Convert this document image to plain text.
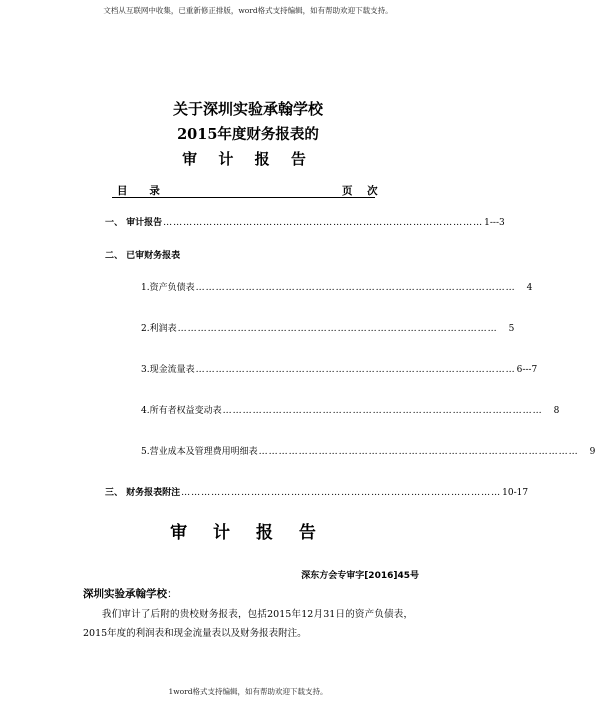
文档从互联网中收集，已重新修正排版，word格式支持编辑，如有帮助欢迎下载支持。
关于深圳实验承翰学校
2015年度财务报表的
审 计 报 告
目      录	页    次
一、 审计报告 …………………………………………………………………………………… 1---3
二、 已审财务报表
1.资产负债表 ……………………………………………………………………………………	4
2.利润表 ……………………………………………………………………………………	5
3.现金流量表 …………………………………………………………………………………… 6---7
4.所有者权益变动表 ……………………………………………………………………………………	8
5.营业成本及管理费用明细表 ……………………………………………………………………………………	9
三、 财务报表附注 …………………………………………………………………………………… 10-17
审 计 报 告
深东方会专审字[2016]45号
深圳实验承翰学校：
我们审计了后附的贵校财务报表，包括2015年12月31日的资产负债表，2015年度的利润表和现金流量表以及财务报表附注。
1word格式支持编辑，如有帮助欢迎下载支持。
